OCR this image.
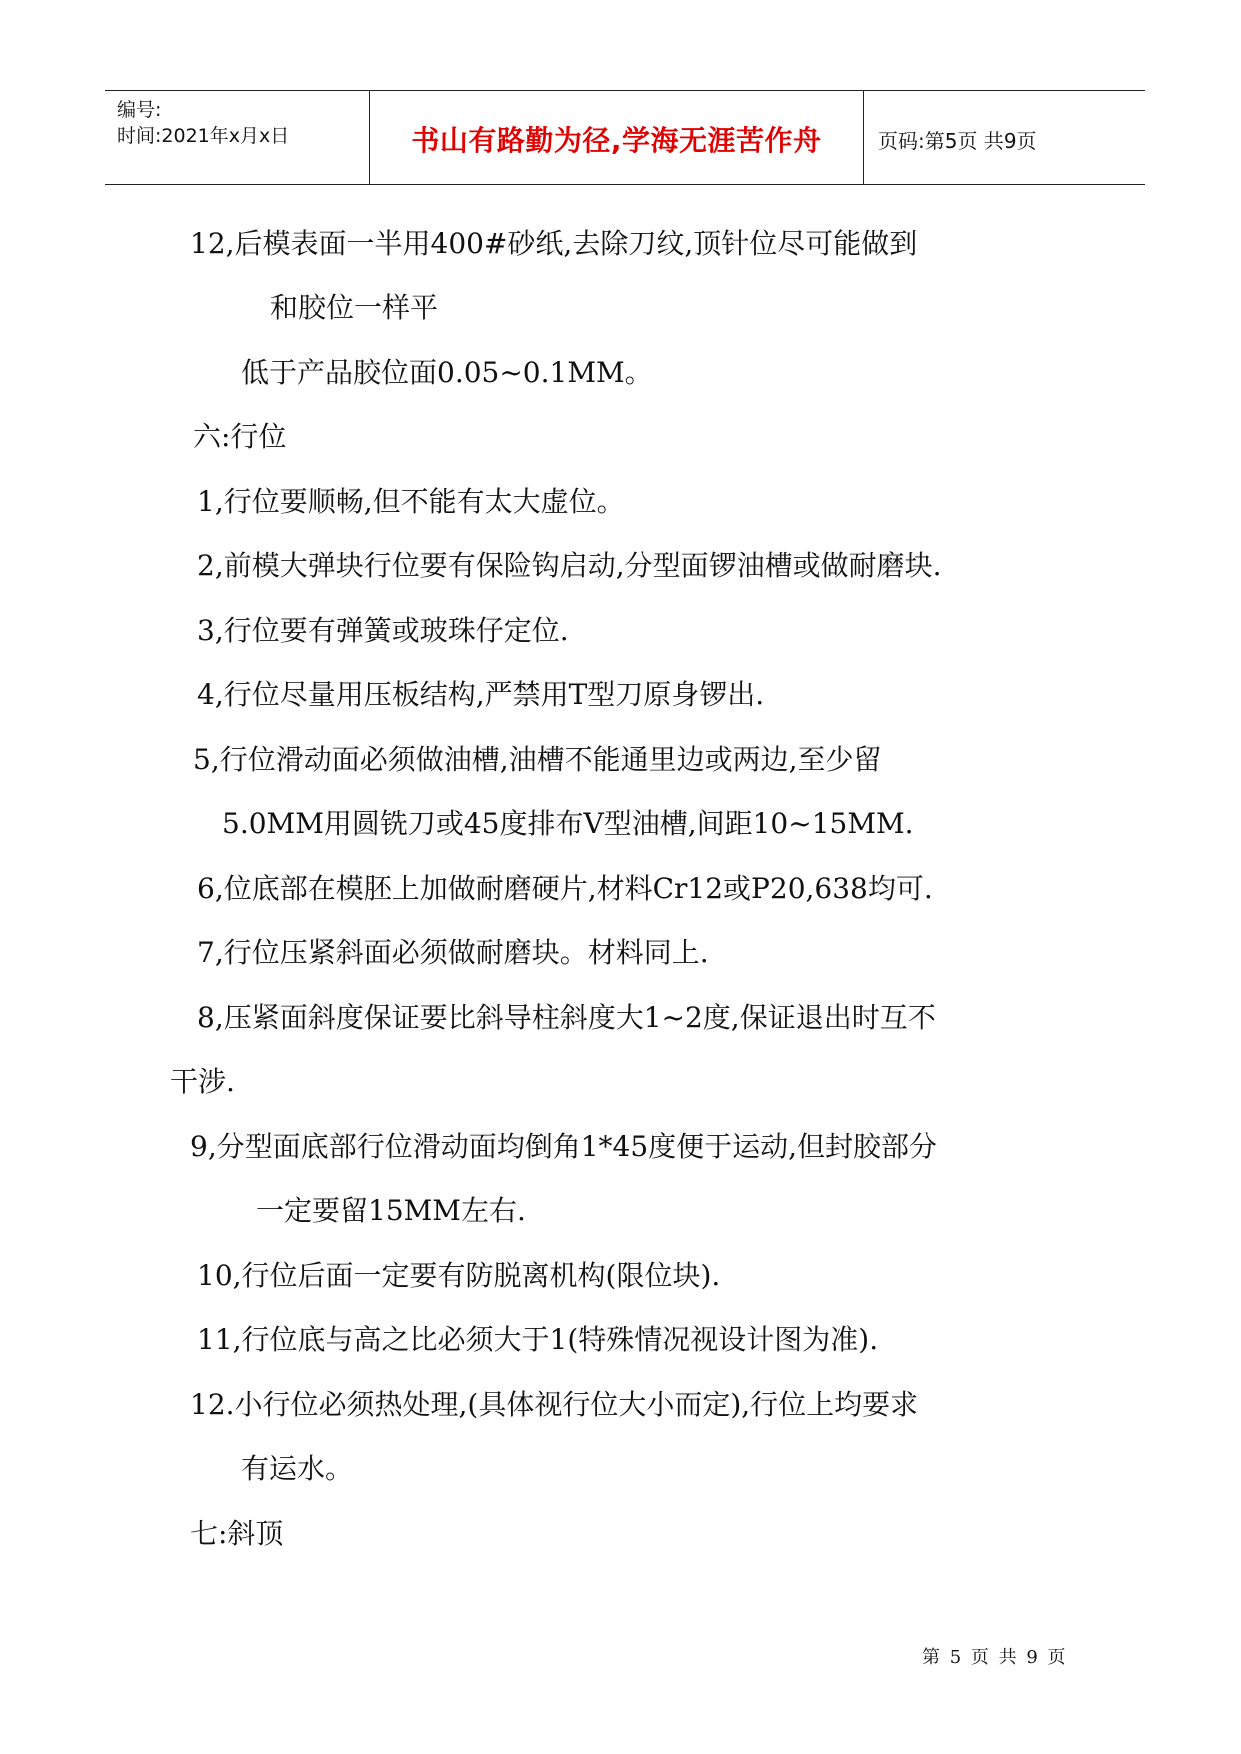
编号:
时间:2021年x月x日	书山有路勤为径,学海无涯苦作舟	页码:第5页 共9页
12,后模表面一半用400#砂纸,去除刀纹,顶针位尽可能做到
和胶位一样平
低于产品胶位面0.05~0.1MM。
六:行位
1,行位要顺畅,但不能有太大虚位。
2,前模大弹块行位要有保险钩启动,分型面锣油槽或做耐磨块.
3,行位要有弹簧或玻珠仔定位.
4,行位尽量用压板结构,严禁用T型刀原身锣出.
5,行位滑动面必须做油槽,油槽不能通里边或两边,至少留
5.0MM用圆铣刀或45度排布V型油槽,间距10~15MM.
6,位底部在模胚上加做耐磨硬片,材料Cr12或P20,638均可.
7,行位压紧斜面必须做耐磨块。材料同上.
8,压紧面斜度保证要比斜导柱斜度大1~2度,保证退出时互不
干涉.
9,分型面底部行位滑动面均倒角1*45度便于运动,但封胶部分
一定要留15MM左右.
10,行位后面一定要有防脱离机构(限位块).
11,行位底与高之比必须大于1(特殊情况视设计图为准).
12.小行位必须热处理,(具体视行位大小而定),行位上均要求
有运水。
七:斜顶
第 5 页 共 9 页
